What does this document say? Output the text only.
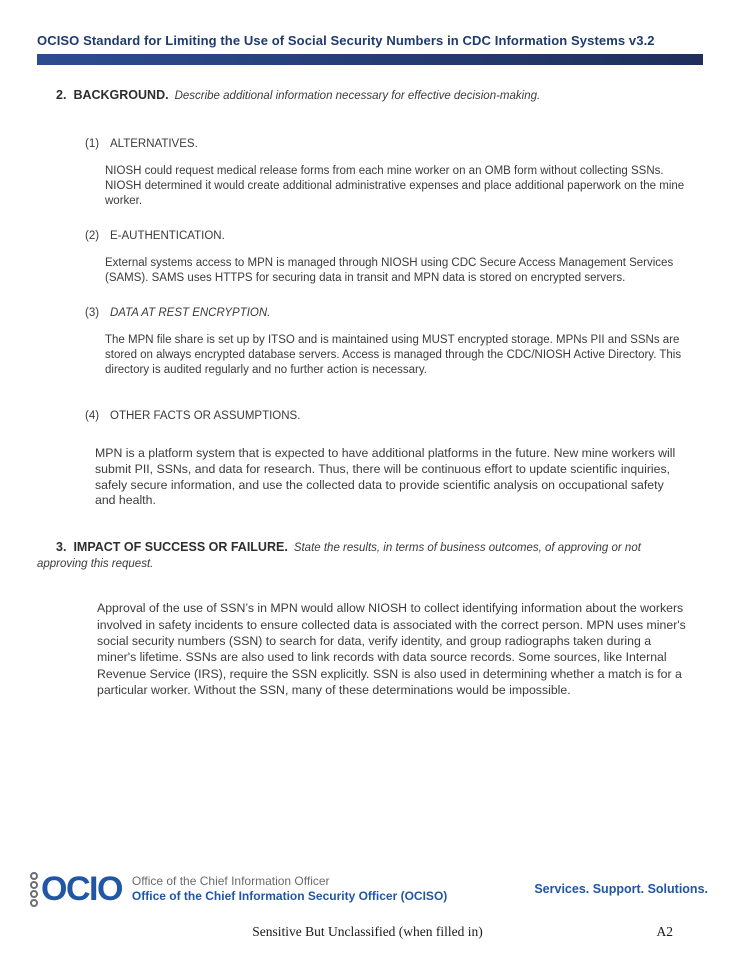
OCISO Standard for Limiting the Use of Social Security Numbers in CDC Information Systems v3.2

2. BACKGROUND. Describe additional information necessary for effective decision-making.

(1) ALTERNATIVES.

NIOSH could request medical release forms from each mine worker on an OMB form without collecting SSNs. NIOSH determined it would create additional administrative expenses and place additional paperwork on the mine worker.

(2) E-AUTHENTICATION.

External systems access to MPN is managed through NIOSH using CDC Secure Access Management Services (SAMS). SAMS uses HTTPS for securing data in transit and MPN data is stored on encrypted servers.

(3) DATA AT REST ENCRYPTION.

The MPN file share is set up by ITSO and is maintained using MUST encrypted storage. MPNs PII and SSNs are stored on always encrypted database servers. Access is managed through the CDC/NIOSH Active Directory. This directory is audited regularly and no further action is necessary.

(4) OTHER FACTS OR ASSUMPTIONS.

MPN is a platform system that is expected to have additional platforms in the future. New mine workers will submit PII, SSNs, and data for research. Thus, there will be continuous effort to update scientific inquiries, safely secure information, and use the collected data to provide scientific analysis on occupational safety and health.

3. IMPACT OF SUCCESS OR FAILURE. State the results, in terms of business outcomes, of approving or not approving this request.

Approval of the use of SSN’s in MPN would allow NIOSH to collect identifying information about the workers involved in safety incidents to ensure collected data is associated with the correct person. MPN uses miner's social security numbers (SSN) to search for data, verify identity, and group radiographs taken during a miner's lifetime. SSNs are also used to link records with data source records. Some sources, like Internal Revenue Service (IRS), require the SSN explicitly. SSN is also used in determining whether a match is for a particular worker. Without the SSN, many of these determinations would be impossible.

OCIO Office of the Chief Information Officer
Office of the Chief Information Security Officer (OCISO)	Services. Support. Solutions.
Sensitive But Unclassified (when filled in)	A2
